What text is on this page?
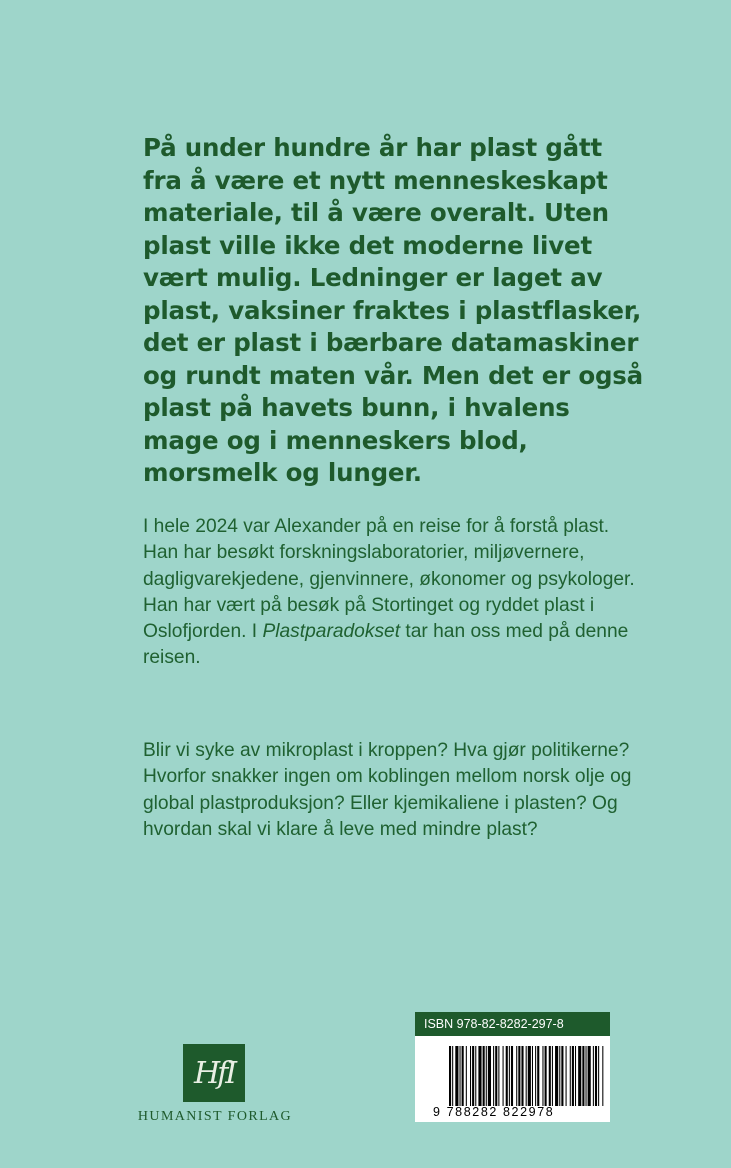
På under hundre år har plast gått fra å være et nytt menneskeskapt materiale, til å være overalt. Uten plast ville ikke det moderne livet vært mulig. Ledninger er laget av plast, vaksiner fraktes i plastflasker, det er plast i bærbare datamaskiner og rundt maten vår. Men det er også plast på havets bunn, i hvalens mage og i menneskers blod, morsmelk og lunger.

I hele 2024 var Alexander på en reise for å forstå plast. Han har besøkt forskningslaboratorier, miljøvernere, dagligvarekjedene, gjenvinnere, økonomer og psykologer. Han har vært på besøk på Stortinget og ryddet plast i Oslofjorden. I Plastparadokset tar han oss med på denne reisen.

Blir vi syke av mikroplast i kroppen? Hva gjør politikerne? Hvorfor snakker ingen om koblingen mellom norsk olje og global plastproduksjon? Eller kjemikaliene i plasten? Og hvordan skal vi klare å leve med mindre plast?

HfI
HUMANIST FORLAG
ISBN 978-82-8282-297-8
9 788282 822978
